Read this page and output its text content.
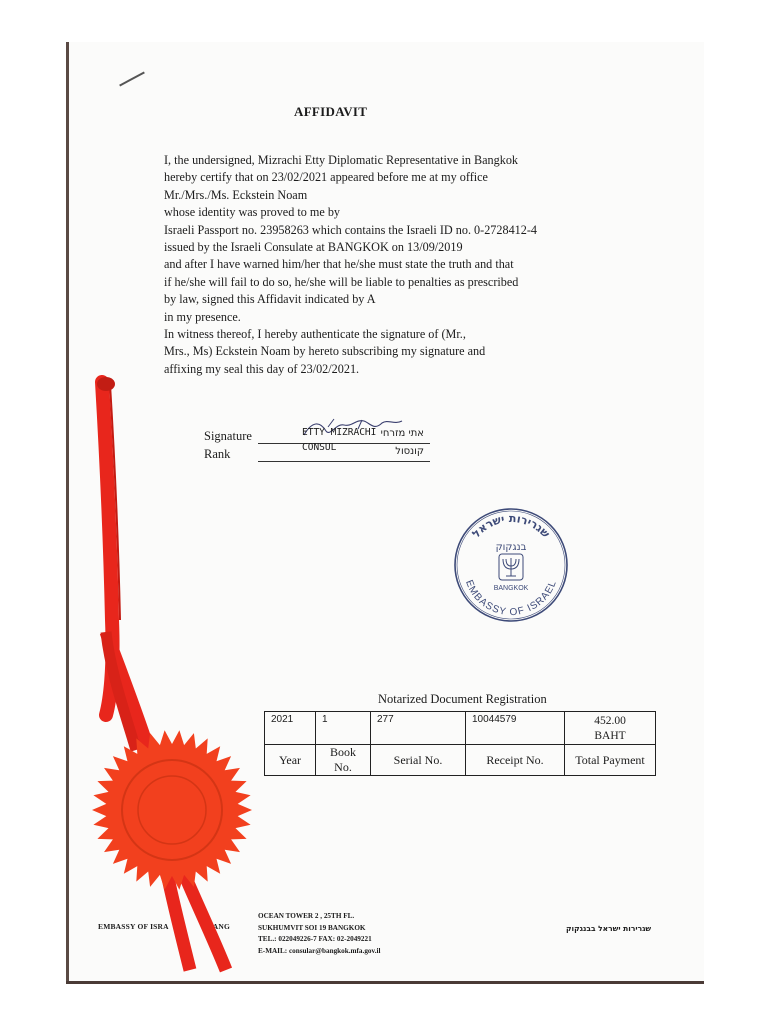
AFFIDAVIT
I, the undersigned, Mizrachi Etty Diplomatic Representative in Bangkok
hereby certify that on 23/02/2021 appeared before me at my office
Mr./Mrs./Ms. Eckstein Noam
whose identity was proved to me by
Israeli Passport no. 23958263 which contains the Israeli ID no. 0-2728412-4
issued by the Israeli Consulate at BANGKOK on 13/09/2019
and after I have warned him/her that he/she must state the truth and that
if he/she will fail to do so, he/she will be liable to penalties as prescribed
by law, signed this Affidavit indicated by A
in my presence.
In witness thereof, I hereby authenticate the signature of (Mr.,
Mrs., Ms) Eckstein Noam by hereto subscribing my signature and
affixing my seal this day of 23/02/2021.
Signature	ETTY MIZRACHI אתי מזרחי
Rank	CONSUL	קונסול
שגרירות ישראל
בנגקוק
BANGKOK
EMBASSY OF ISRAEL
Notarized Document Registration
2021	1	277	10044579	452.00
BAHT

Year	Book No.	Serial No.	Receipt No.	Total Payment
EMBASSY OF ISRA	ANG
OCEAN TOWER 2 , 25TH FL.
SUKHUMVIT SOI 19 BANGKOK
TEL.: 022049226-7 FAX: 02-2049221
E-MAIL: consular@bangkok.mfa.gov.il
שגרירות ישראל בבנגקוק
